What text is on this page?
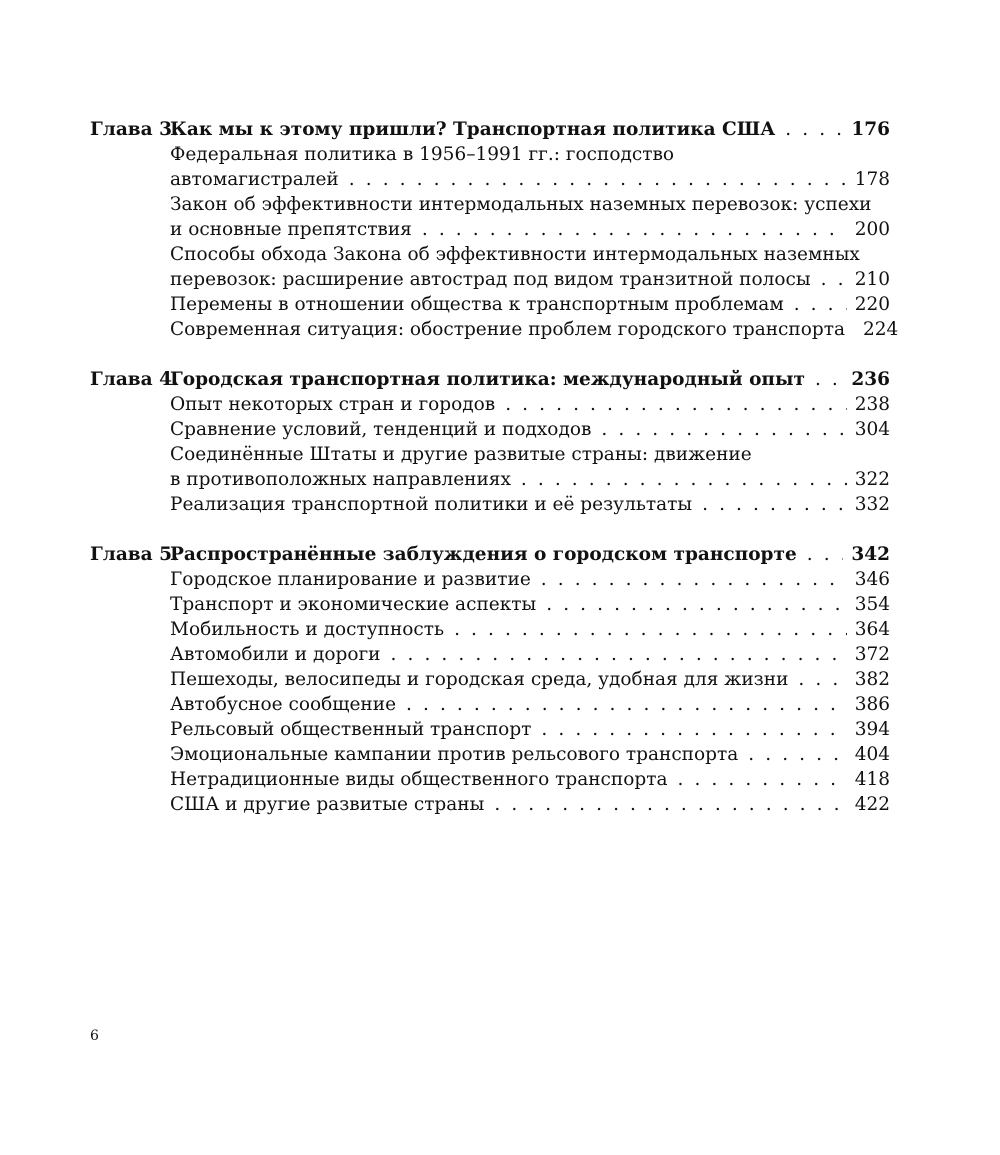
Глава 3.
Как мы к этому пришли? Транспортная политика США . . .	176
Федеральная политика в 1956–1991 гг.: господство
автомагистралей . . .	178
Закон об эффективности интермодальных наземных перевозок: успехи
и основные препятствия . . .	200
Способы обхода Закона об эффективности интермодальных наземных
перевозок: расширение автострад под видом транзитной полосы . . . 210
Перемены в отношении общества к транспортным проблемам . . .	220
Современная ситуация: обострение проблем городского транспорта 224
Глава 4.
Городская транспортная политика: международный опыт . . .	236
Опыт некоторых стран и городов . . .	238
Сравнение условий, тенденций и подходов . . .	304
Соединённые Штаты и другие развитые страны: движение
в противоположных направлениях . . .	322
Реализация транспортной политики и её результаты . . .	332
Глава 5.
Распространённые заблуждения о городском транспорте . . .	342
Городское планирование и развитие . . .	346
Транспорт и экономические аспекты . . .	354
Мобильность и доступность . . .	364
Автомобили и дороги . . .	372
Пешеходы, велосипеды и городская среда, удобная для жизни . . .	382
Автобусное сообщение . . .	386
Рельсовый общественный транспорт . . .	394
Эмоциональные кампании против рельсового транспорта . . .	404
Нетрадиционные виды общественного транспорта . . .	418
США и другие развитые страны . . .	422
6
